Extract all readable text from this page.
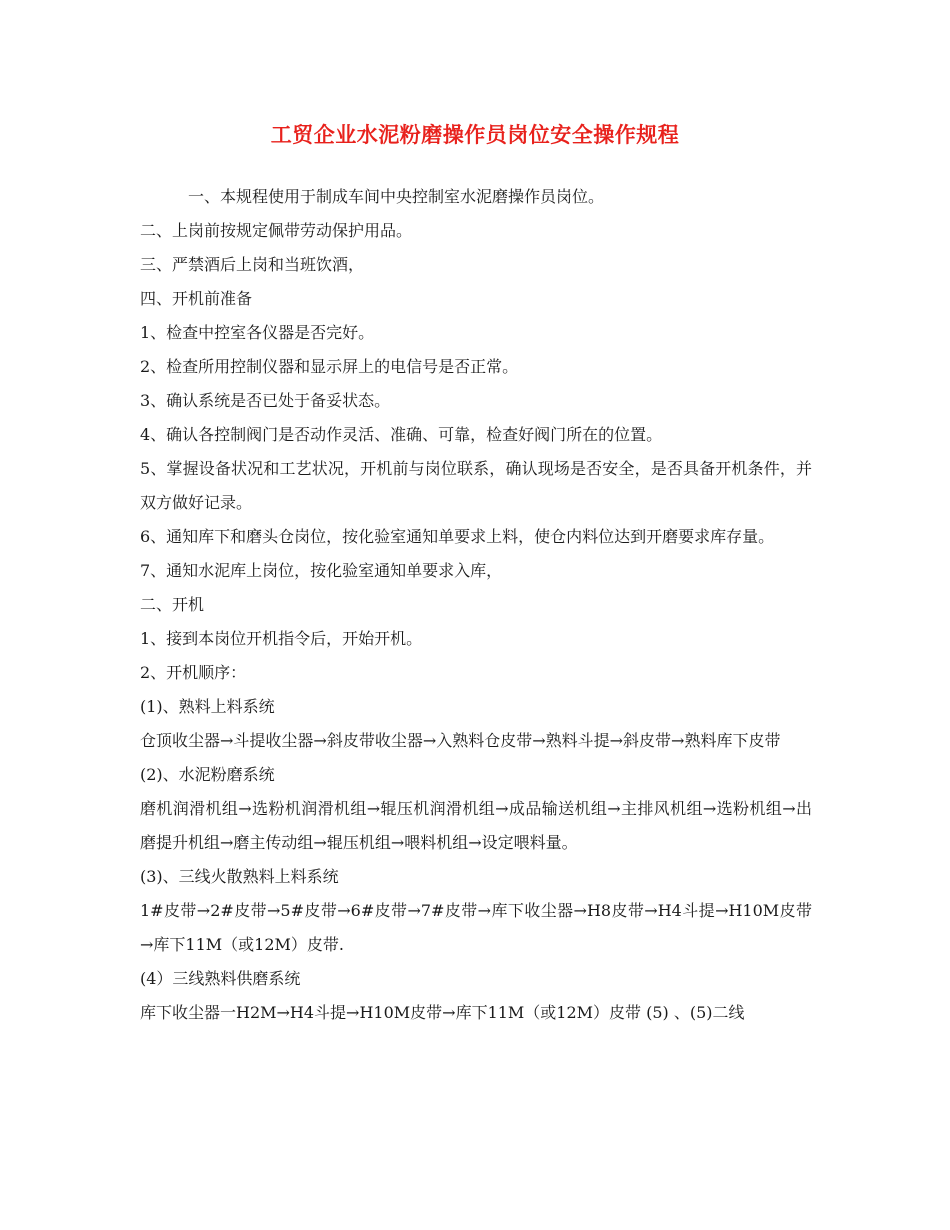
工贸企业水泥粉磨操作员岗位安全操作规程

一、本规程使用于制成车间中央控制室水泥磨操作员岗位。

二、上岗前按规定佩带劳动保护用品。

三、严禁酒后上岗和当班饮酒，

四、开机前准备

1、检查中控室各仪器是否完好。

2、检查所用控制仪器和显示屏上的电信号是否正常。

3、确认系统是否已处于备妥状态。

4、确认各控制阀门是否动作灵活、准确、可靠，检查好阀门所在的位置。

5、掌握设备状况和工艺状况，开机前与岗位联系，确认现场是否安全，是否具备开机条件，并双方做好记录。

6、通知库下和磨头仓岗位，按化验室通知单要求上料，使仓内料位达到开磨要求库存量。

7、通知水泥库上岗位，按化验室通知单要求入库，

二、开机

1、接到本岗位开机指令后，开始开机。

2、开机顺序：

(1)、熟料上料系统

仓顶收尘器→斗提收尘器→斜皮带收尘器→入熟料仓皮带→熟料斗提→斜皮带→熟料库下皮带

(2)、水泥粉磨系统

磨机润滑机组→选粉机润滑机组→辊压机润滑机组→成品输送机组→主排风机组→选粉机组→出磨提升机组→磨主传动组→辊压机组→喂料机组→设定喂料量。

(3)、三线火散熟料上料系统

1#皮带→2#皮带→5#皮带→6#皮带→7#皮带→库下收尘器→H8皮带→H4斗提→H10M皮带→库下11M（或12M）皮带.

(4）三线熟料供磨系统

库下收尘器一H2M→H4斗提→H10M皮带→库下11M（或12M）皮带 (5) 、(5)二线
